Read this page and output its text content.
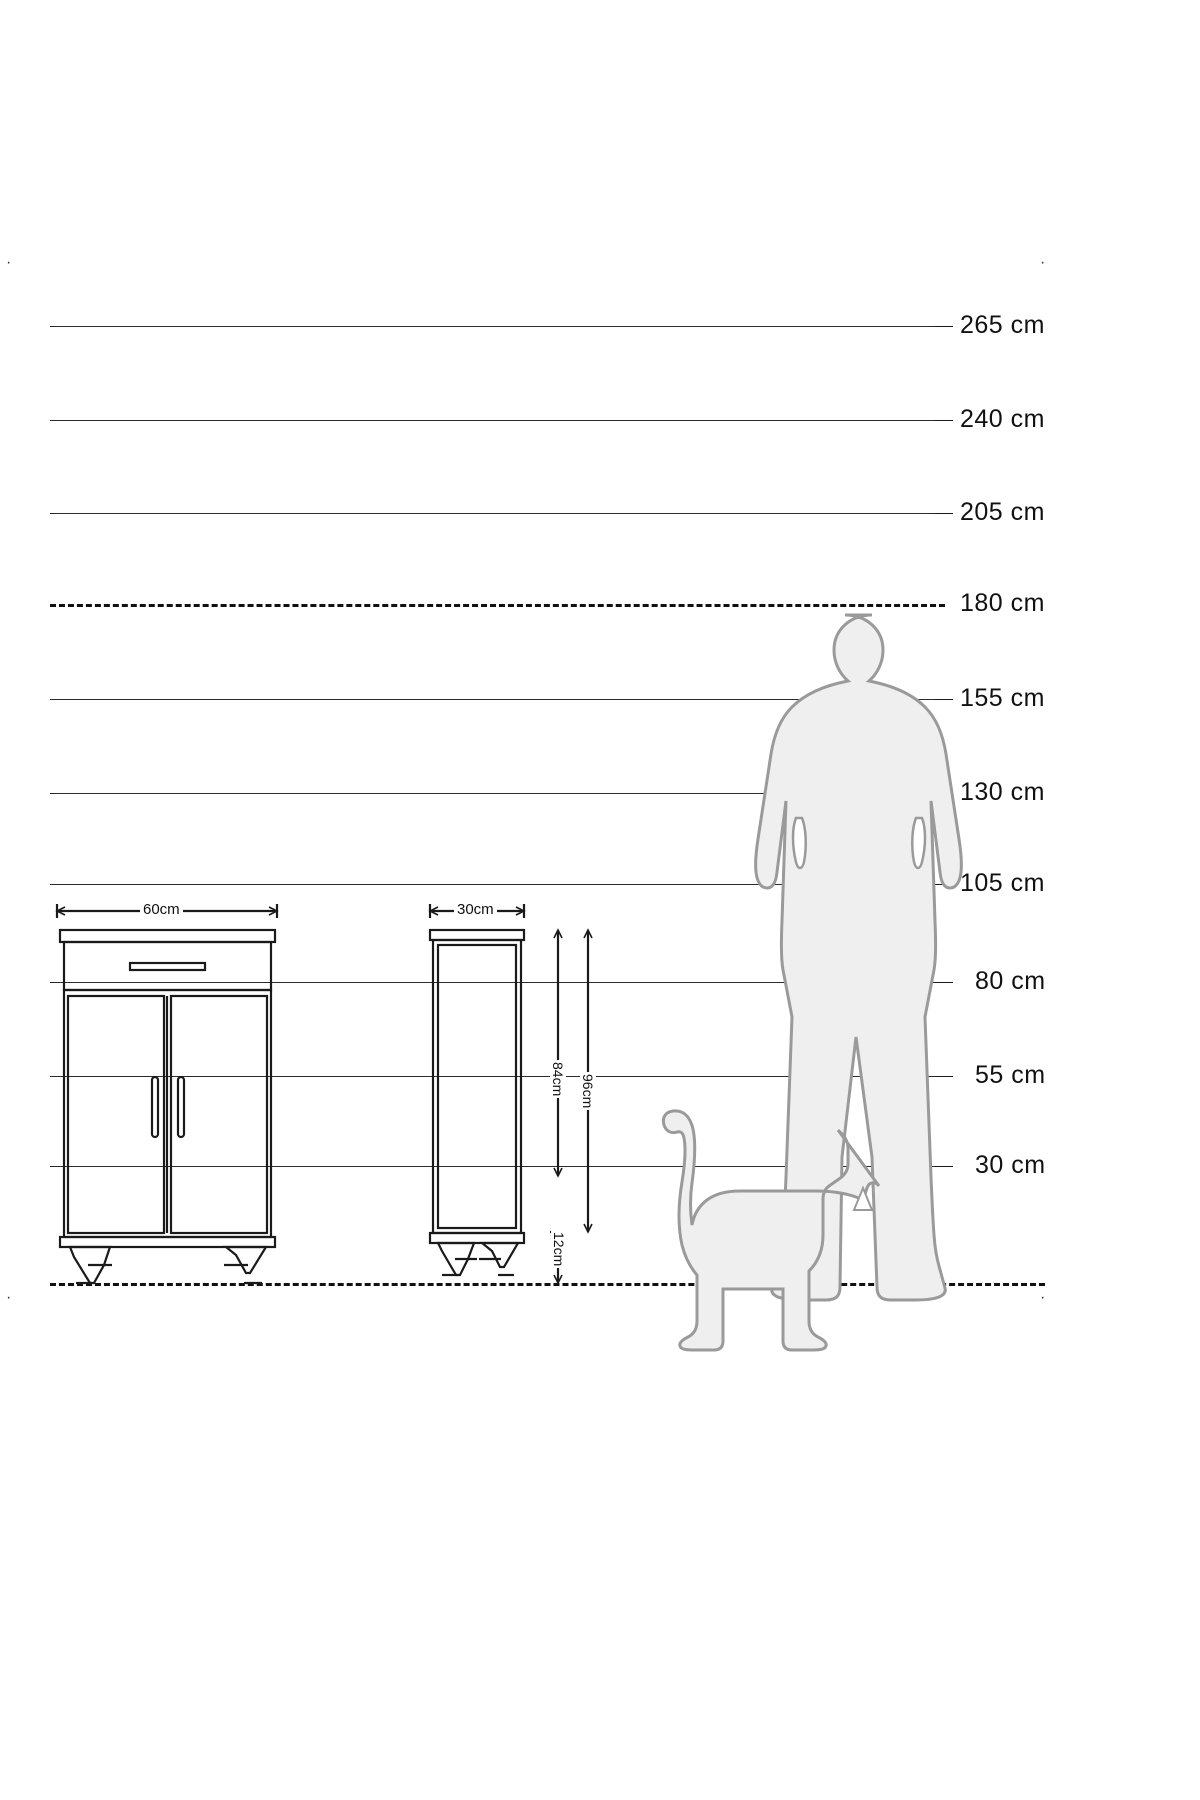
·	·
·	·
265 cm
240 cm
205 cm
180 cm
155 cm
130 cm
105 cm
80 cm
55 cm
30 cm
60cm	30cm
84cm 96cm
12cm
